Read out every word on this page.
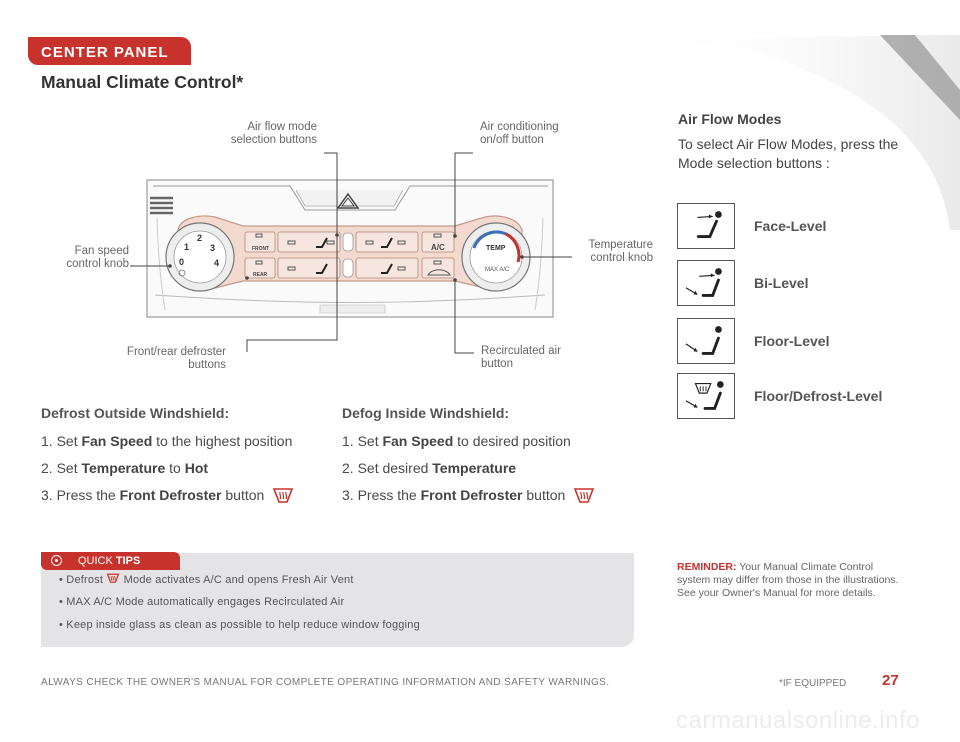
CENTER PANEL
Manual Climate Control*
1
2
3
0	4
TEMP
MAX A/C
FRONT
REAR
A/C
Air flow mode selection buttons
Air conditioning on/off button
Fan speed control knob
Temperature control knob
Front/rear defroster buttons
Recirculated air button
Air Flow Modes
To select Air Flow Modes, press the Mode selection buttons :
Face-Level
Bi-Level
Floor-Level
Floor/Defrost-Level
Defrost Outside Windshield:
1. Set Fan Speed to the highest position
2. Set Temperature to Hot
3. Press the Front Defroster button
Defog Inside Windshield:
1. Set Fan Speed to desired position
2. Set desired Temperature
3. Press the Front Defroster button
• Defrost  Mode activates A/C and opens Fresh Air Vent
• MAX A/C Mode automatically engages Recirculated Air
• Keep inside glass as clean as possible to help reduce window fogging
QUICK TIPS	REMINDER: Your Manual Climate Control system may differ from those in the illustrations. See your Owner's Manual for more details.
ALWAYS CHECK THE OWNER'S MANUAL FOR COMPLETE OPERATING INFORMATION AND SAFETY WARNINGS.	*IF EQUIPPED 27
carmanualsonline.info
